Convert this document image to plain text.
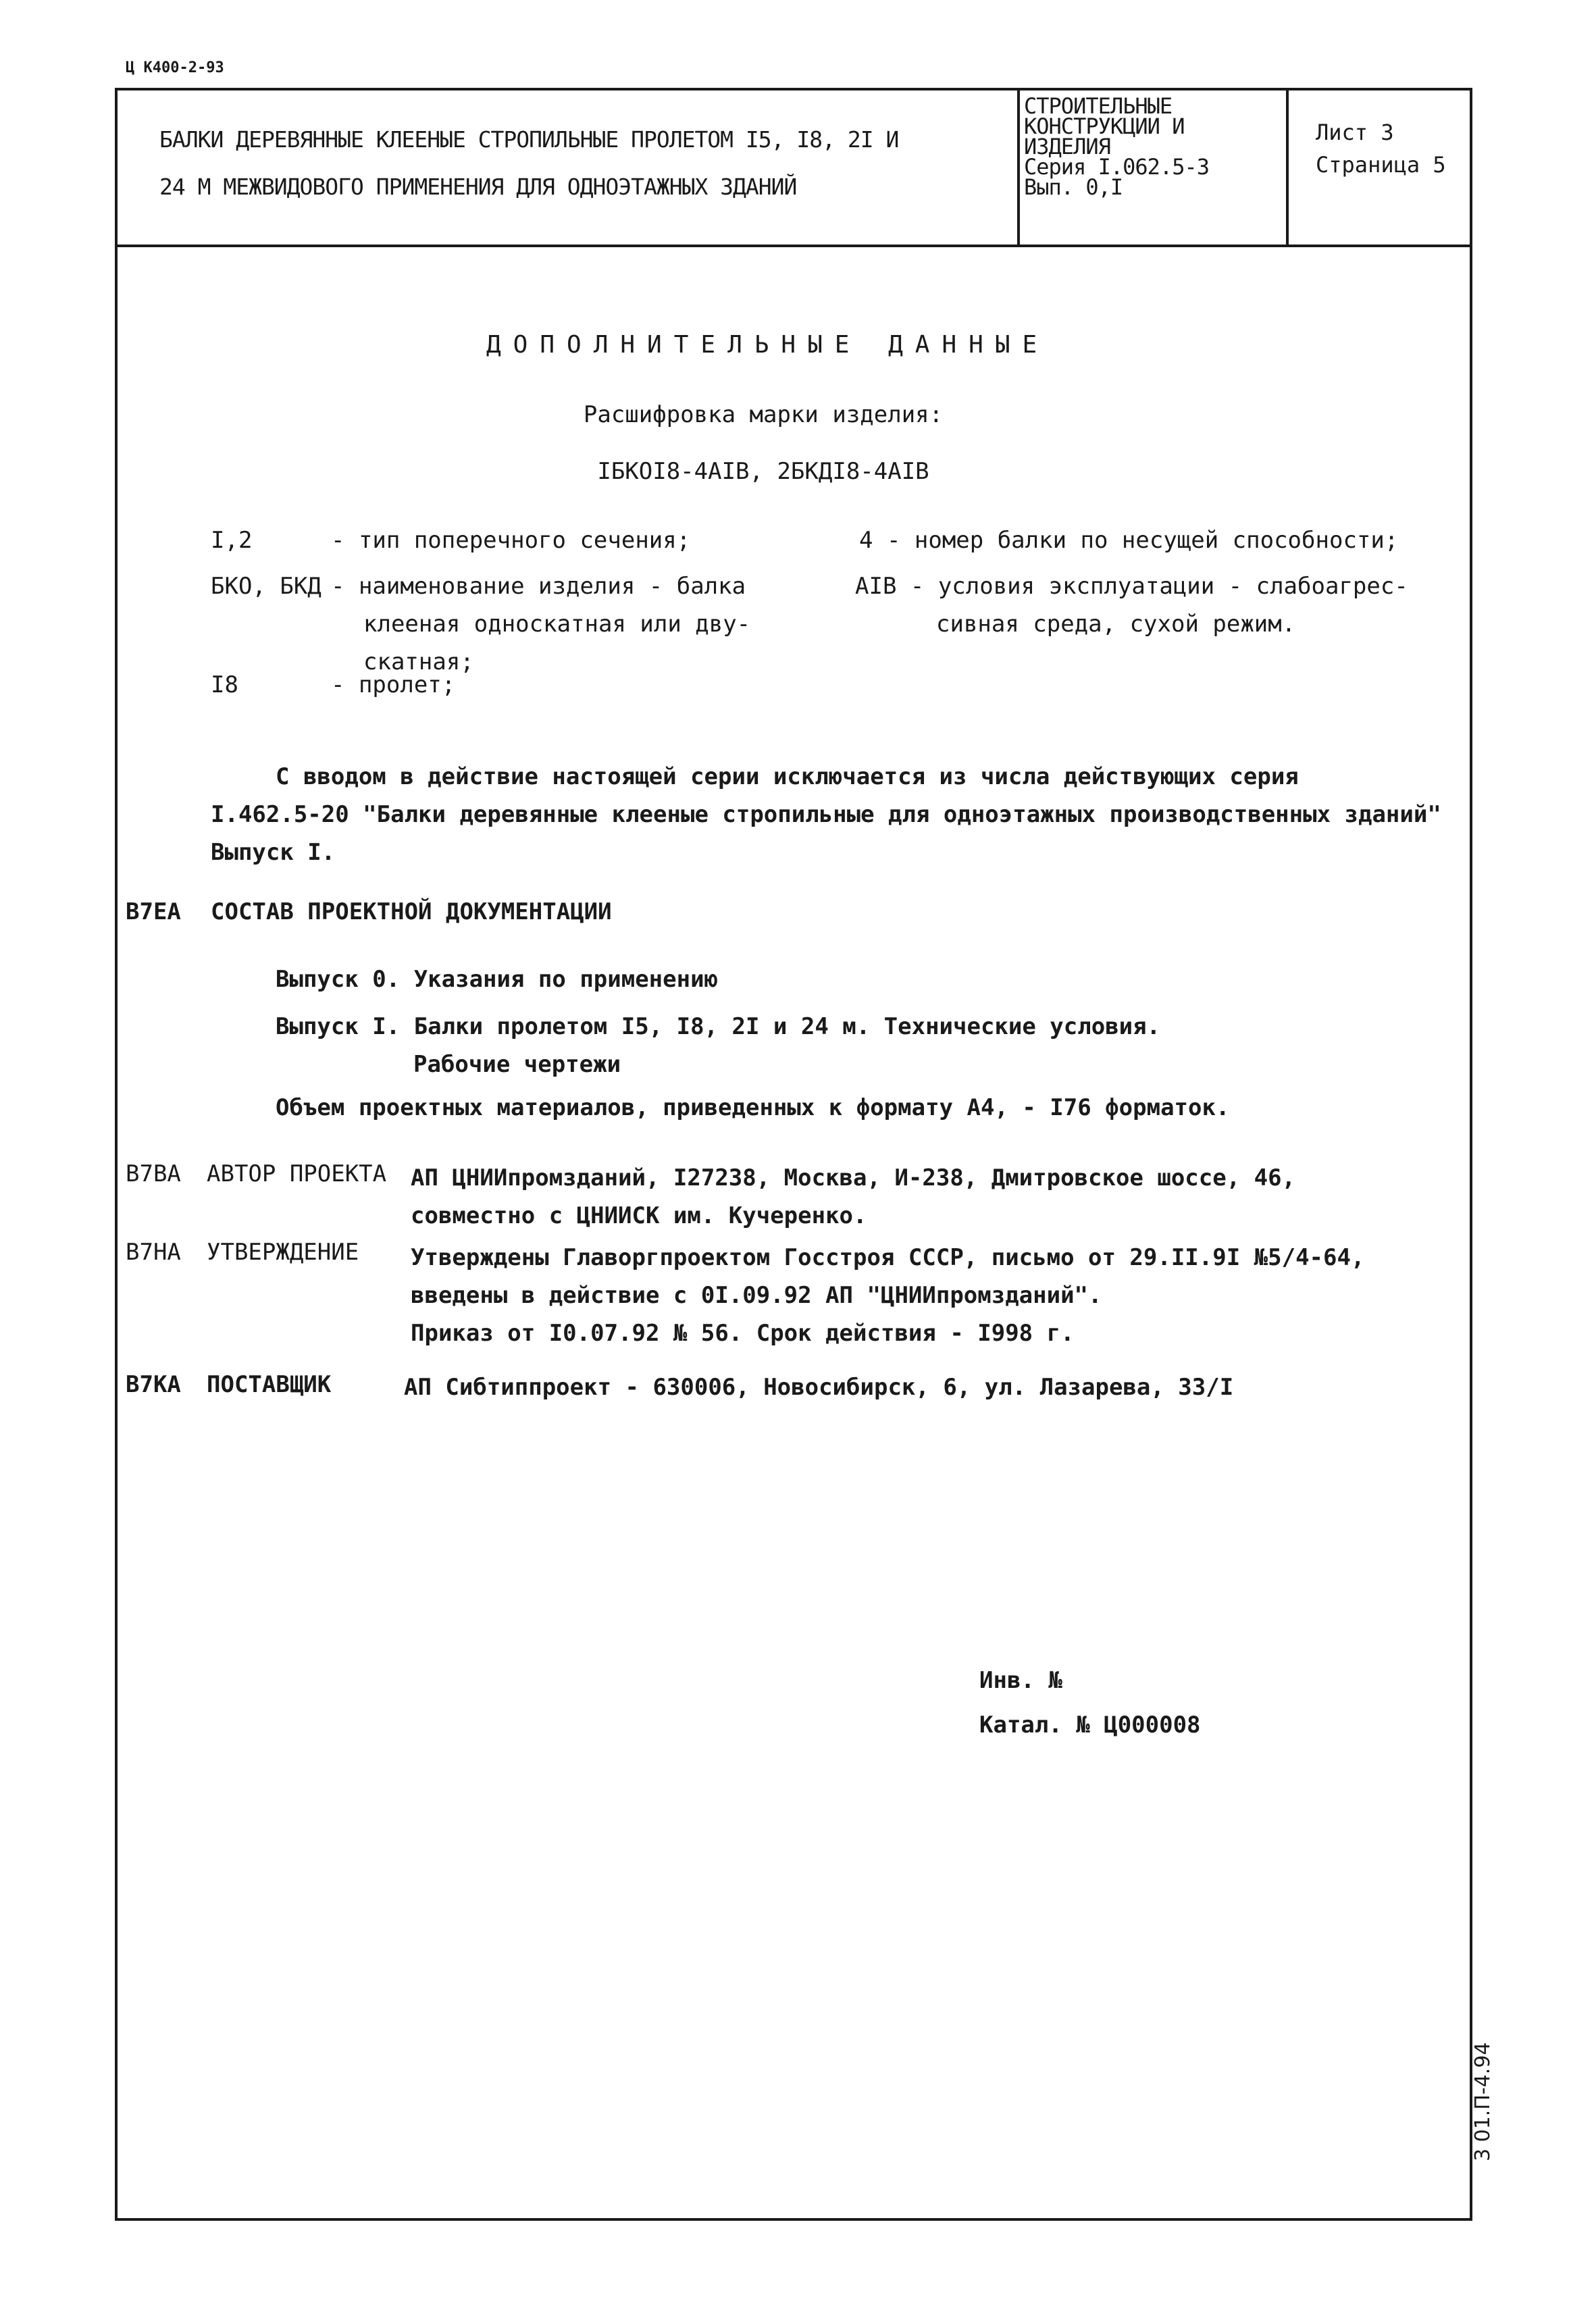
Ц К400-2-93
БАЛКИ ДЕРЕВЯННЫЕ КЛЕЕНЫЕ СТРОПИЛЬНЫЕ ПРОЛЕТОМ I5, I8, 2I И
24 М МЕЖВИДОВОГО ПРИМЕНЕНИЯ ДЛЯ ОДНОЭТАЖНЫХ ЗДАНИЙ
СТРОИТЕЛЬНЫЕ
КОНСТРУКЦИИ И
ИЗДЕЛИЯ
Серия I.062.5-3
Вып. 0,I
Лист 3
Страница 5
ДОПОЛНИТЕЛЬНЫЕ ДАННЫЕ
Расшифровка марки изделия:
IБКОI8-4АIВ, 2БКДI8-4АIВ
I,2	- тип поперечного сечения;
БКО, БКД - наименование изделия - балка
клееная односкатная или дву-
скатная;
I8	- пролет;
4 - номер балки по несущей способности;
АIВ - условия эксплуатации - слабоагрес-
сивная среда, сухой режим.
С вводом в действие настоящей серии исключается из числа действующих серия
I.462.5-20 "Балки деревянные клееные стропильные для одноэтажных производственных зданий"
Выпуск I.
В7ЕА СОСТАВ ПРОЕКТНОЙ ДОКУМЕНТАЦИИ
Выпуск 0. Указания по применению
Выпуск I. Балки пролетом I5, I8, 2I и 24 м. Технические условия.
Рабочие чертежи
Объем проектных материалов, приведенных к формату А4, - I76 форматок.
В7ВА АВТОР ПРОЕКТА АП ЦНИИпромзданий, I27238, Москва, И-238, Дмитровское шоссе, 46,
совместно с ЦНИИСК им. Кучеренко.
В7НА УТВЕРЖДЕНИЕ Утверждены Главоргпроектом Госстроя СССР, письмо от 29.II.9I №5/4-64,
введены в действие с 0I.09.92 АП "ЦНИИпромзданий".
Приказ от I0.07.92 № 56. Срок действия - I998 г.
В7КА ПОСТАВЩИК	АП Сибтиппроект - 630006, Новосибирск, 6, ул. Лазарева, 33/I
Инв. №
Катал. № Ц000008
3 01.П-4.94
